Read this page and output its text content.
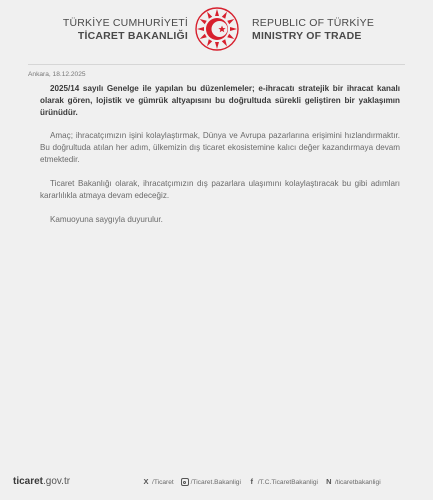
TÜRKİYE CUMHURİYETİ
TİCARET BAKANLIĞI
REPUBLIC OF TÜRKİYE
MINISTRY OF TRADE
Ankara, 18.12.2025

2025/14 sayılı Genelge ile yapılan bu düzenlemeler; e-ihracatı stratejik bir ihracat kanalı olarak gören, lojistik ve gümrük altyapısını bu doğrultuda sürekli geliştiren bir yaklaşımın ürünüdür.

Amaç; ihracatçımızın işini kolaylaştırmak, Dünya ve Avrupa pazarlarına erişimini hızlandırmaktır. Bu doğrultuda atılan her adım, ülkemizin dış ticaret ekosistemine kalıcı değer kazandırmaya devam etmektedir.

Ticaret Bakanlığı olarak, ihracatçımızın dış pazarlara ulaşımını kolaylaştıracak bu gibi adımları kararlılıkla atmaya devam edeceğiz.

Kamuoyuna saygıyla duyurulur.

ticaret.gov.tr	X /Ticaret	/Ticaret.Bakanligi f /T.C.TicaretBakanligi N /ticaretbakanligi
